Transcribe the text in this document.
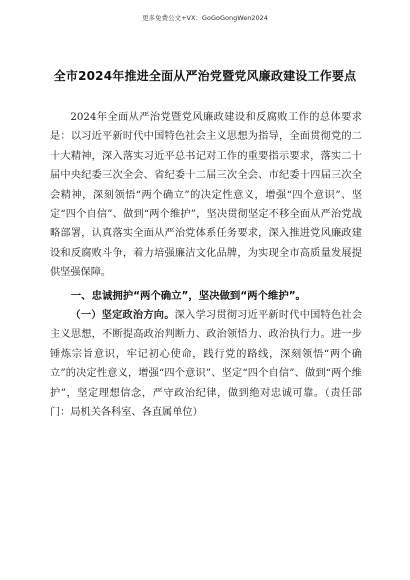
更多免费公文+VX：GoGoGongWen2024
全市2024年推进全面从严治党暨党风廉政建设工作要点

2024年全面从严治党暨党风廉政建设和反腐败工作的总体要求是：以习近平新时代中国特色社会主义思想为指导，全面贯彻党的二十大精神，深入落实习近平总书记对工作的重要指示要求，落实二十届中央纪委三次全会、省纪委十二届三次全会、市纪委十四届三次全会精神，深刻领悟“两个确立”的决定性意义，增强“四个意识”、坚定“四个自信”、做到“两个维护”，坚决贯彻坚定不移全面从严治党战略部署，认真落实全面从严治党体系任务要求，深入推进党风廉政建设和反腐败斗争，着力培强廉洁文化品牌，为实现全市高质量发展提供坚强保障。

一、忠诚拥护“两个确立”，坚决做到“两个维护”。

（一）坚定政治方向。深入学习贯彻习近平新时代中国特色社会主义思想，不断提高政治判断力、政治领悟力、政治执行力。进一步锤炼宗旨意识，牢记初心使命，践行党的路线，深刻领悟“两个确立”的决定性意义，增强“四个意识”、坚定“四个自信”、做到“两个维护”，坚定理想信念，严守政治纪律，做到绝对忠诚可靠。（责任部门：局机关各科室、各直属单位）
